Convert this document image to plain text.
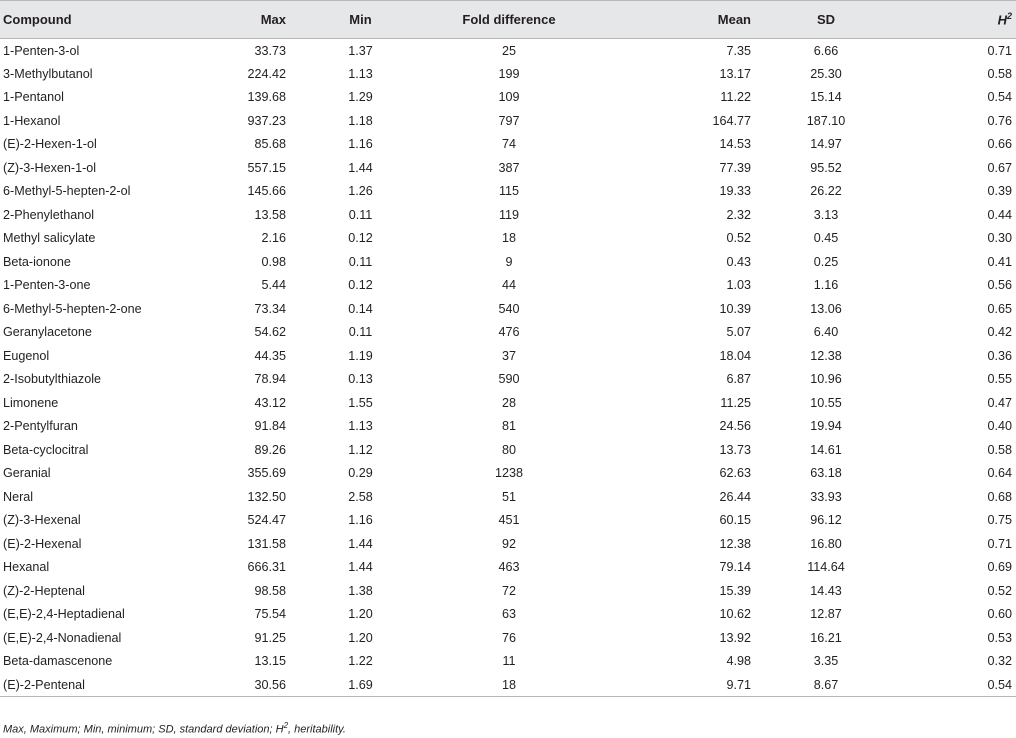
Compound	Max	Min	Fold difference	Mean	SD	$H^2$
1-Penten-3-ol	33.73	1.37	25	7.35	6.66	0.71
3-Methylbutanol	224.42	1.13	199	13.17	25.30	0.58
1-Pentanol	139.68	1.29	109	11.22	15.14	0.54
1-Hexanol	937.23	1.18	797	164.77	187.10	0.76
(E)-2-Hexen-1-ol	85.68	1.16	74	14.53	14.97	0.66
(Z)-3-Hexen-1-ol	557.15	1.44	387	77.39	95.52	0.67
6-Methyl-5-hepten-2-ol	145.66	1.26	115	19.33	26.22	0.39
2-Phenylethanol	13.58	0.11	119	2.32	3.13	0.44
Methyl salicylate	2.16	0.12	18	0.52	0.45	0.30
Beta-ionone	0.98	0.11	9	0.43	0.25	0.41
1-Penten-3-one	5.44	0.12	44	1.03	1.16	0.56
6-Methyl-5-hepten-2-one	73.34	0.14	540	10.39	13.06	0.65
Geranylacetone	54.62	0.11	476	5.07	6.40	0.42
Eugenol	44.35	1.19	37	18.04	12.38	0.36
2-Isobutylthiazole	78.94	0.13	590	6.87	10.96	0.55
Limonene	43.12	1.55	28	11.25	10.55	0.47
2-Pentylfuran	91.84	1.13	81	24.56	19.94	0.40
Beta-cyclocitral	89.26	1.12	80	13.73	14.61	0.58
Geranial	355.69	0.29	1238	62.63	63.18	0.64
Neral	132.50	2.58	51	26.44	33.93	0.68
(Z)-3-Hexenal	524.47	1.16	451	60.15	96.12	0.75
(E)-2-Hexenal	131.58	1.44	92	12.38	16.80	0.71
Hexanal	666.31	1.44	463	79.14	114.64	0.69
(Z)-2-Heptenal	98.58	1.38	72	15.39	14.43	0.52
(E,E)-2,4-Heptadienal	75.54	1.20	63	10.62	12.87	0.60
(E,E)-2,4-Nonadienal	91.25	1.20	76	13.92	16.21	0.53
Beta-damascenone	13.15	1.22	11	4.98	3.35	0.32
(E)-2-Pentenal	30.56	1.69	18	9.71	8.67	0.54
Max, Maximum; Min, minimum; SD, standard deviation; $H^2$, heritability.
